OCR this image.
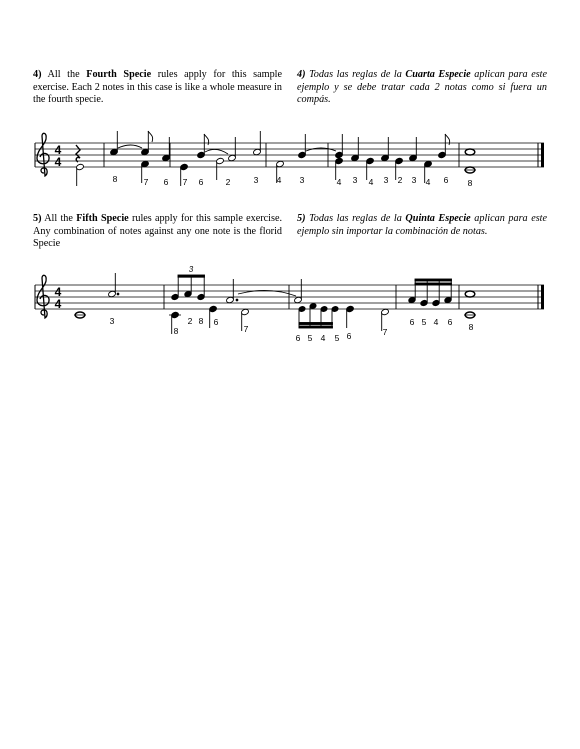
4) All the Fourth Specie rules apply for this sample exercise. Each 2 notes in this case is like a whole measure in the fourth specie.
4) Todas las reglas de la Cuarta Especie aplican para este ejemplo y se debe tratar cada 2 notas como si fuera un compás.
4
4
8	7 6 7 6	2	3 4 3	4 3 4 3 2 3 4 6 8
5) All the Fifth Specie rules apply for this sample exercise. Any combination of notes against any one note is the florid Specie
5) Todas las reglas de la Quinta Especie aplican para este ejemplo sin importar la combinación de notas.
4
4
3
3
8
2 8 6
7
6 5 4 5 6	7
6 5 4 6 8
